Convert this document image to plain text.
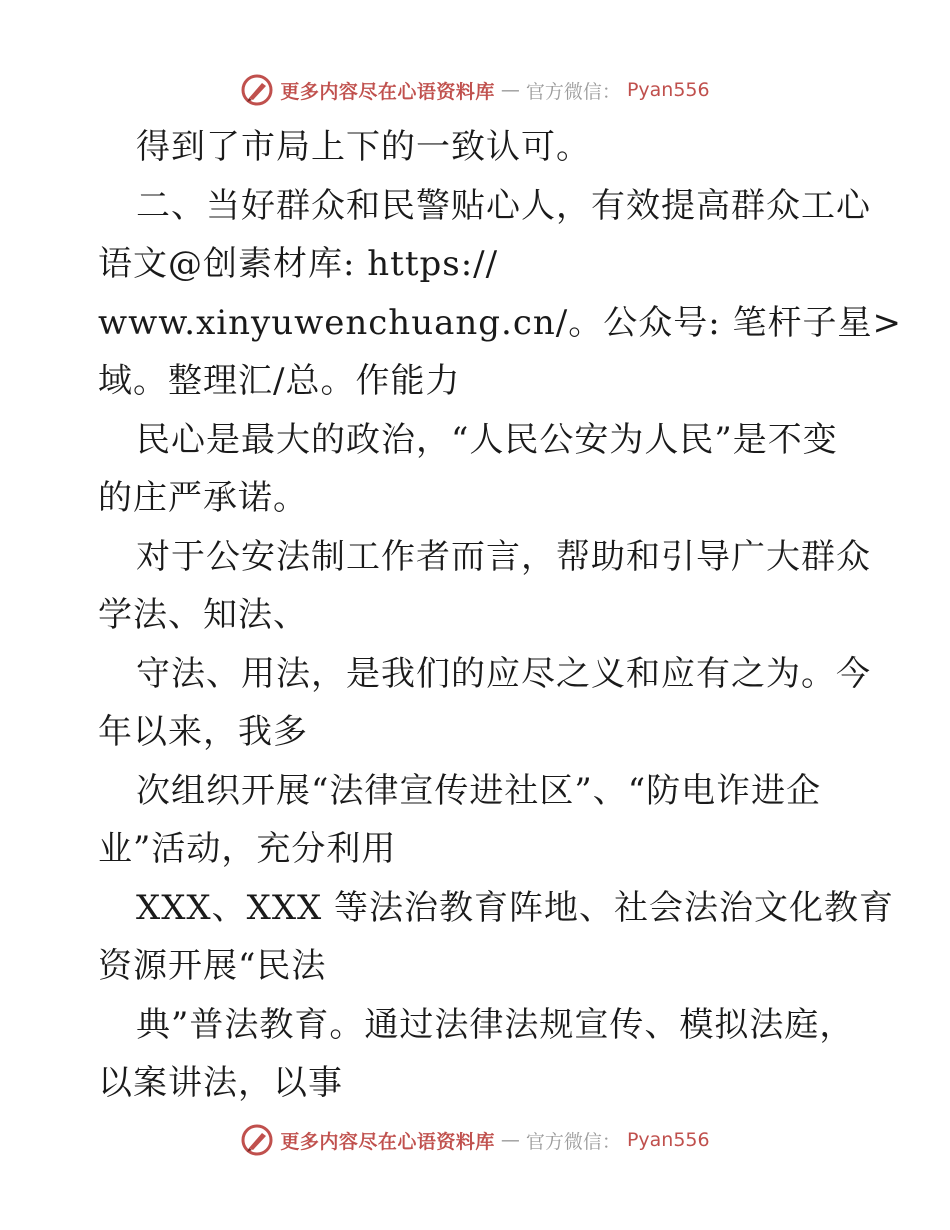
更多内容尽在心语资料库 — 官方微信： Pyan556
得到了市局上下的一致认可。
二、当好群众和民警贴心人，有效提高群众工心
语文@创素材库: https://
www.xinyuwenchuang.cn/。公众号: 笔杆子星>
域。整理汇/总。作能力
民心是最大的政治，“人民公安为人民”是不变
的庄严承诺。
对于公安法制工作者而言，帮助和引导广大群众
学法、知法、
守法、用法，是我们的应尽之义和应有之为。今
年以来，我多
次组织开展“法律宣传进社区”、“防电诈进企
业”活动，充分利用
XXX、XXX 等法治教育阵地、社会法治文化教育
资源开展“民法
典”普法教育。通过法律法规宣传、模拟法庭，
以案讲法，以事
更多内容尽在心语资料库 — 官方微信： Pyan556
